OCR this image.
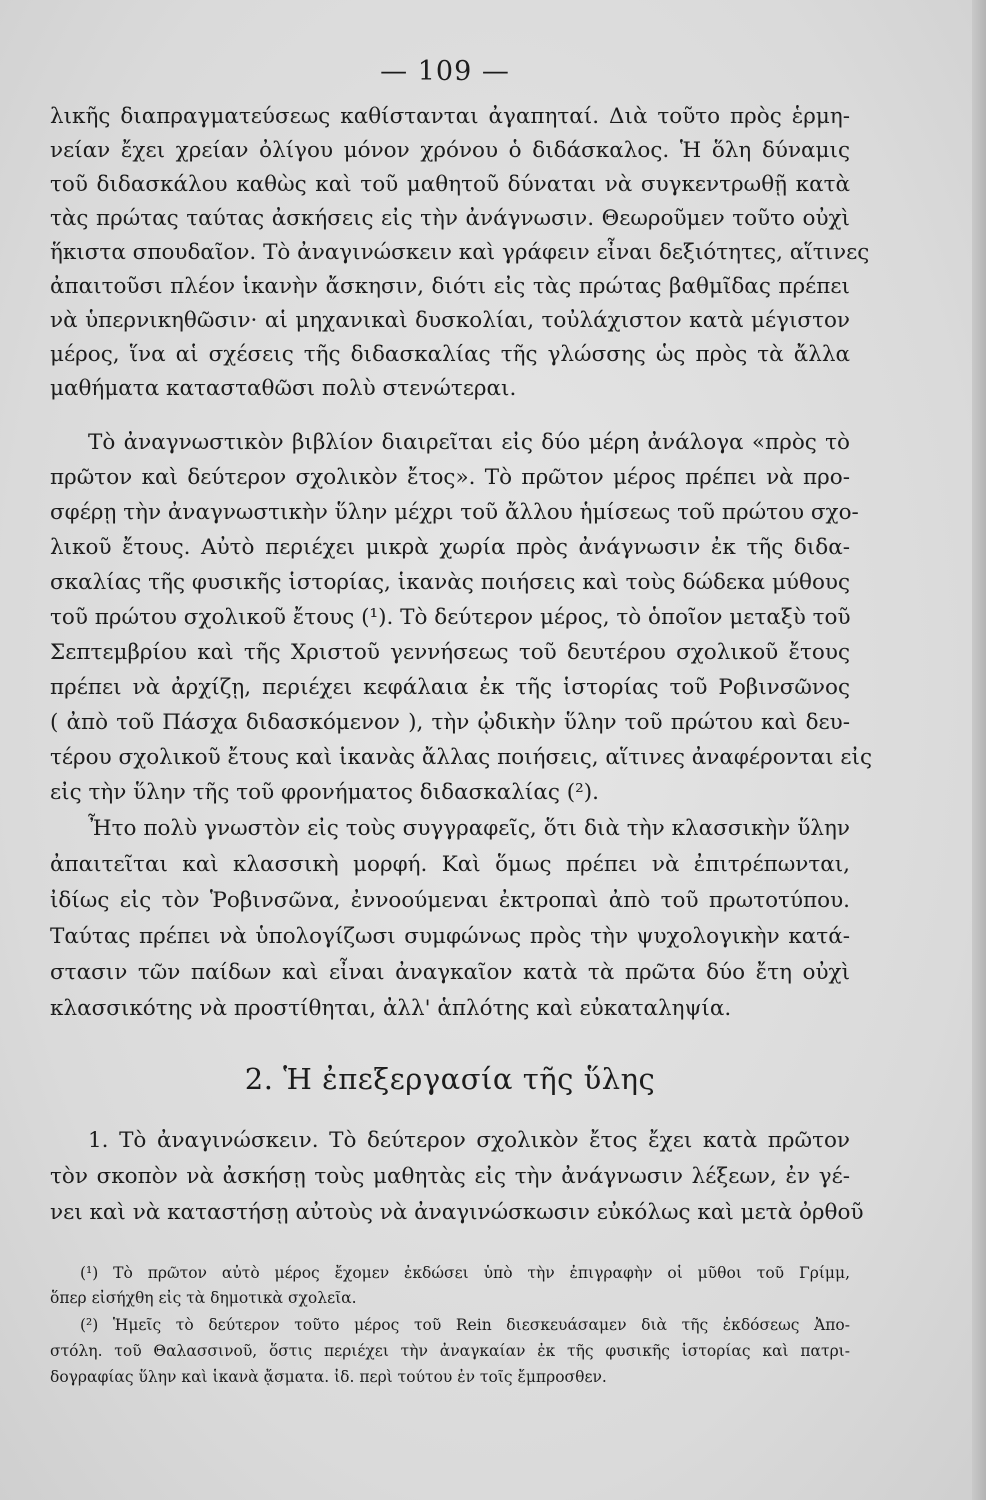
— 109 —
λικῆς διαπραγματεύσεως καθίστανται ἀγαπηταί. Διὰ τοῦτο πρὸς ἑρμη-
νείαν ἔχει χρείαν ὀλίγου μόνον χρόνου ὁ διδάσκαλος. Ἡ ὅλη δύναμις
τοῦ διδασκάλου καθὼς καὶ τοῦ μαθητοῦ δύναται νὰ συγκεντρωθῇ κατὰ
τὰς πρώτας ταύτας ἀσκήσεις εἰς τὴν ἀνάγνωσιν. Θεωροῦμεν τοῦτο οὐχὶ
ἥκιστα σπουδαῖον. Τὸ ἀναγινώσκειν καὶ γράφειν εἶναι δεξιότητες, αἵτινες
ἀπαιτοῦσι πλέον ἱκανὴν ἄσκησιν, διότι εἰς τὰς πρώτας βαθμῖδας πρέπει
νὰ ὑπερνικηθῶσιν· αἱ μηχανικαὶ δυσκολίαι, τοὐλάχιστον κατὰ μέγιστον
μέρος, ἵνα αἱ σχέσεις τῆς διδασκαλίας τῆς γλώσσης ὡς πρὸς τὰ ἄλλα
μαθήματα κατασταθῶσι πολὺ στενώτεραι.
Τὸ ἀναγνωστικὸν βιβλίον διαιρεῖται εἰς δύο μέρη ἀνάλογα «πρὸς τὸ
πρῶτον καὶ δεύτερον σχολικὸν ἔτος». Τὸ πρῶτον μέρος πρέπει νὰ προ-
σφέρῃ τὴν ἀναγνωστικὴν ὕλην μέχρι τοῦ ἄλλου ἡμίσεως τοῦ πρώτου σχο-
λικοῦ ἔτους. Αὐτὸ περιέχει μικρὰ χωρία πρὸς ἀνάγνωσιν ἐκ τῆς διδα-
σκαλίας τῆς φυσικῆς ἱστορίας, ἱκανὰς ποιήσεις καὶ τοὺς δώδεκα μύθους
τοῦ πρώτου σχολικοῦ ἔτους (¹). Τὸ δεύτερον μέρος, τὸ ὁποῖον μεταξὺ τοῦ
Σεπτεμβρίου καὶ τῆς Χριστοῦ γεννήσεως τοῦ δευτέρου σχολικοῦ ἔτους
πρέπει νὰ ἀρχίζῃ, περιέχει κεφάλαια ἐκ τῆς ἱστορίας τοῦ Ροβινσῶνος
( ἀπὸ τοῦ Πάσχα διδασκόμενον ), τὴν ᾠδικὴν ὕλην τοῦ πρώτου καὶ δευ-
τέρου σχολικοῦ ἔτους καὶ ἱκανὰς ἄλλας ποιήσεις, αἵτινες ἀναφέρονται εἰς
εἰς τὴν ὕλην τῆς τοῦ φρονήματος διδασκαλίας (²).
Ἦτο πολὺ γνωστὸν εἰς τοὺς συγγραφεῖς, ὅτι διὰ τὴν κλασσικὴν ὕλην
ἀπαιτεῖται καὶ κλασσικὴ μορφή. Καὶ ὅμως πρέπει νὰ ἐπιτρέπωνται,
ἰδίως εἰς τὸν Ῥοβινσῶνα, ἐννοούμεναι ἐκτροπαὶ ἀπὸ τοῦ πρωτοτύπου.
Ταύτας πρέπει νὰ ὑπολογίζωσι συμφώνως πρὸς τὴν ψυχολογικὴν κατά-
στασιν τῶν παίδων καὶ εἶναι ἀναγκαῖον κατὰ τὰ πρῶτα δύο ἔτη οὐχὶ
κλασσικότης νὰ προστίθηται, ἀλλ' ἁπλότης καὶ εὐκαταληψία.
2. Ἡ ἐπεξεργασία τῆς ὕλης
1. Τὸ ἀναγινώσκειν. Τὸ δεύτερον σχολικὸν ἔτος ἔχει κατὰ πρῶτον
τὸν σκοπὸν νὰ ἀσκήσῃ τοὺς μαθητὰς εἰς τὴν ἀνάγνωσιν λέξεων, ἐν γέ-
νει καὶ νὰ καταστήσῃ αὐτοὺς νὰ ἀναγινώσκωσιν εὐκόλως καὶ μετὰ ὀρθοῦ
(¹) Τὸ πρῶτον αὐτὸ μέρος ἔχομεν ἐκδώσει ὑπὸ τὴν ἐπιγραφὴν οἱ μῦθοι τοῦ Γρίμμ,
ὅπερ εἰσήχθη εἰς τὰ δημοτικὰ σχολεῖα.
(²) Ἡμεῖς τὸ δεύτερον τοῦτο μέρος τοῦ Rein διεσκευάσαμεν διὰ τῆς ἐκδόσεως Ἀπο-
στόλη. τοῦ Θαλασσινοῦ, ὅστις περιέχει τὴν ἀναγκαίαν ἐκ τῆς φυσικῆς ἱστορίας καὶ πατρι-
δογραφίας ὕλην καὶ ἱκανὰ ᾄσματα. ἰδ. περὶ τούτου ἐν τοῖς ἔμπροσθεν.
